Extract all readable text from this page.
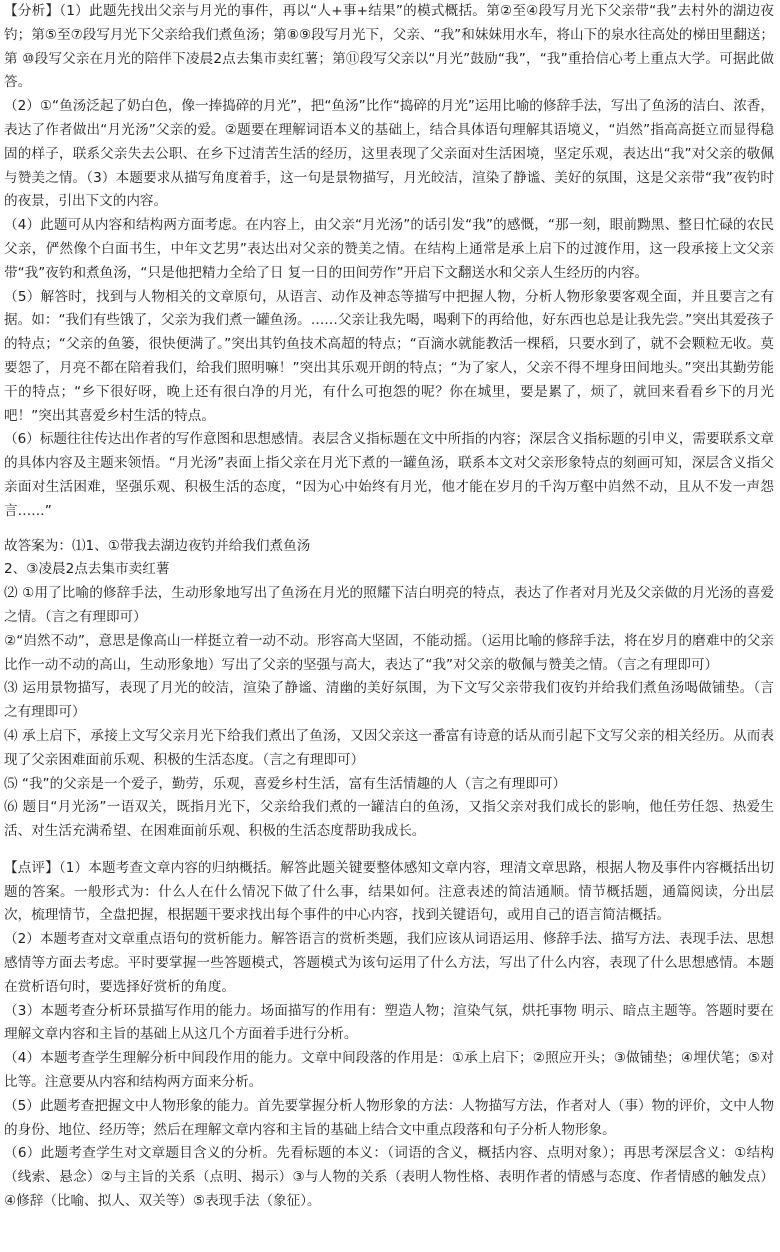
【分析】（1）此题先找出父亲与月光的事件，再以“人+事+结果”的模式概括。第②至④段写月光下父亲带“我”去村外的湖边夜钓；第⑤至⑦段写月光下父亲给我们煮鱼汤；第⑧⑨段写月光下，父亲、“我”和妹妹用水车，将山下的泉水往高处的梯田里翻送；第 ⑩段写父亲在月光的陪伴下凌晨2点去集市卖红薯；第⑪段写父亲以“月光”鼓励“我”，“我”重拾信心考上重点大学。可据此做答。

（2）①“鱼汤泛起了奶白色，像一捧捣碎的月光”，把“鱼汤”比作“捣碎的月光”运用比喻的修辞手法，写出了鱼汤的洁白、浓香，表达了作者做出“月光汤”父亲的爱。②题要在理解词语本义的基础上，结合具体语句理解其语境义，“岿然”指高高挺立而显得稳固的样子，联系父亲失去公职、在乡下过清苦生活的经历，这里表现了父亲面对生活困境，坚定乐观，表达出“我”对父亲的敬佩与赞美之情。（3）本题要求从描写角度着手，这一句是景物描写，月光皎洁，渲染了静谧、美好的氛围，这是父亲带“我”夜钓时的夜景，引出下文的内容。

（4）此题可从内容和结构两方面考虑。在内容上，由父亲“月光汤”的话引发“我”的感慨，“那一刻，眼前黝黑、整日忙碌的农民父亲，俨然像个白面书生，中年文艺男”表达出对父亲的赞美之情。在结构上通常是承上启下的过渡作用，这一段承接上文父亲带“我”夜钓和煮鱼汤，“只是他把精力全给了日 复一日的田间劳作”开启下文翻送水和父亲人生经历的内容。

（5）解答时，找到与人物相关的文章原句，从语言、动作及神态等描写中把握人物，分析人物形象要客观全面，并且要言之有据。如：“我们有些饿了，父亲为我们煮一罐鱼汤。……父亲让我先喝，喝剩下的再给他，好东西也总是让我先尝。”突出其爱孩子的特点；“父亲的鱼篓，很快便满了。”突出其钓鱼技术高超的特点；“百滴水就能教活一棵稻，只要水到了，就不会颗粒无收。莫要怨了，月亮不都在陪着我们，给我们照明嘛！”突出其乐观开朗的特点；“为了家人，父亲不得不埋身田间地头。”突出其勤劳能干的特点；“乡下很好呀，晚上还有很白净的月光，有什么可抱怨的呢？你在城里，要是累了，烦了，就回来看看乡下的月光吧！”突出其喜爱乡村生活的特点。

（6）标题往往传达出作者的写作意图和思想感情。表层含义指标题在文中所指的内容；深层含义指标题的引申义，需要联系文章的具体内容及主题来领悟。“月光汤”表面上指父亲在月光下煮的一罐鱼汤，联系本文对父亲形象特点的刻画可知，深层含义指父亲面对生活困难，坚强乐观、积极生活的态度，“因为心中始终有月光，他才能在岁月的千沟万壑中岿然不动，且从不发一声怨言……”

故答案为：⑴1、①带我去湖边夜钓并给我们煮鱼汤

2、③凌晨2点去集市卖红薯

⑵ ①用了比喻的修辞手法，生动形象地写出了鱼汤在月光的照耀下洁白明亮的特点，表达了作者对月光及父亲做的月光汤的喜爱之情。（言之有理即可）

②“岿然不动”，意思是像高山一样挺立着一动不动。形容高大坚固，不能动摇。（运用比喻的修辞手法，将在岁月的磨难中的父亲比作一动不动的高山，生动形象地）写出了父亲的坚强与高大，表达了“我”对父亲的敬佩与赞美之情。（言之有理即可）

⑶ 运用景物描写，表现了月光的皎洁，渲染了静谧、清幽的美好氛围，为下文写父亲带我们夜钓并给我们煮鱼汤喝做铺垫。（言之有理即可）

⑷ 承上启下，承接上文写父亲月光下给我们煮出了鱼汤，又因父亲这一番富有诗意的话从而引起下文写父亲的相关经历。从而表现了父亲困难面前乐观、积极的生活态度。（言之有理即可）

⑸ “我”的父亲是一个爱子，勤劳，乐观，喜爱乡村生活，富有生活情趣的人（言之有理即可）

⑹ 题目“月光汤”一语双关，既指月光下，父亲给我们煮的一罐洁白的鱼汤，又指父亲对我们成长的影响，他任劳任怨、热爱生活、对生活充满希望、在困难面前乐观、积极的生活态度帮助我成长。

【点评】（1）本题考查文章内容的归纳概括。解答此题关键要整体感知文章内容，理清文章思路，根据人物及事件内容概括出切题的答案。一般形式为：什么人在什么情况下做了什么事，结果如何。注意表述的简洁通顺。情节概括题，通篇阅读，分出层次，梳理情节，全盘把握，根据题干要求找出每个事件的中心内容，找到关键语句，或用自己的语言简洁概括。

（2）本题考查对文章重点语句的赏析能力。解答语言的赏析类题，我们应该从词语运用、修辞手法、描写方法、表现手法、思想感情等方面去考虑。平时要掌握一些答题模式，答题模式为该句运用了什么方法，写出了什么内容，表现了什么思想感情。本题在赏析语句时，要选择好赏析的角度。

（3）本题考查分析环景描写作用的能力。场面描写的作用有：塑造人物；渲染气氛，烘托事物 明示、暗点主题等。答题时要在理解文章内容和主旨的基础上从这几个方面着手进行分析。

（4）本题考查学生理解分析中间段作用的能力。文章中间段落的作用是：①承上启下；②照应开头；③做铺垫；④埋伏笔；⑤对比等。注意要从内容和结构两方面来分析。

（5）此题考查把握文中人物形象的能力。首先要掌握分析人物形象的方法：人物描写方法，作者对人（事）物的评价，文中人物的身份、地位、经历等；然后在理解文章内容和主旨的基础上结合文中重点段落和句子分析人物形象。

（6）此题考查学生对文章题目含义的分析。先看标题的本义：（词语的含义，概括内容、点明对象）；再思考深层含义：①结构（线索、悬念）②与主旨的关系（点明、揭示）③与人物的关系（表明人物性格、表明作者的情感与态度、作者情感的触发点）④修辞（比喻、拟人、双关等）⑤表现手法（象征）。
